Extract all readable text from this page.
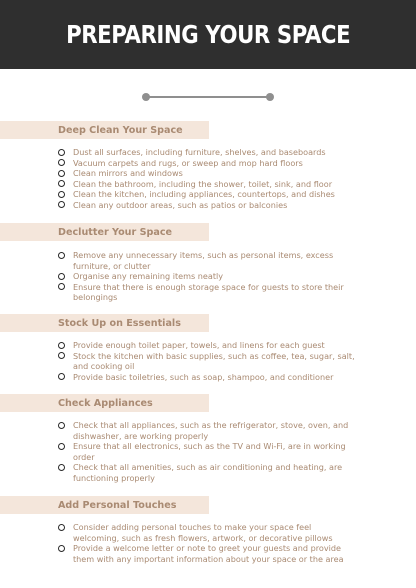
PREPARING YOUR SPACE
Deep Clean Your Space
Dust all surfaces, including furniture, shelves, and baseboards
Vacuum carpets and rugs, or sweep and mop hard floors
Clean mirrors and windows
Clean the bathroom, including the shower, toilet, sink, and floor
Clean the kitchen, including appliances, countertops, and dishes
Clean any outdoor areas, such as patios or balconies
Declutter Your Space
Remove any unnecessary items, such as personal items, excess furniture, or clutter
Organise any remaining items neatly
Ensure that there is enough storage space for guests to store their belongings
Stock Up on Essentials
Provide enough toilet paper, towels, and linens for each guest
Stock the kitchen with basic supplies, such as coffee, tea, sugar, salt, and cooking oil
Provide basic toiletries, such as soap, shampoo, and conditioner
Check Appliances
Check that all appliances, such as the refrigerator, stove, oven, and dishwasher, are working properly
Ensure that all electronics, such as the TV and Wi-Fi, are in working order
Check that all amenities, such as air conditioning and heating, are functioning properly
Add Personal Touches
Consider adding personal touches to make your space feel welcoming, such as fresh flowers, artwork, or decorative pillows
Provide a welcome letter or note to greet your guests and provide them with any important information about your space or the area
